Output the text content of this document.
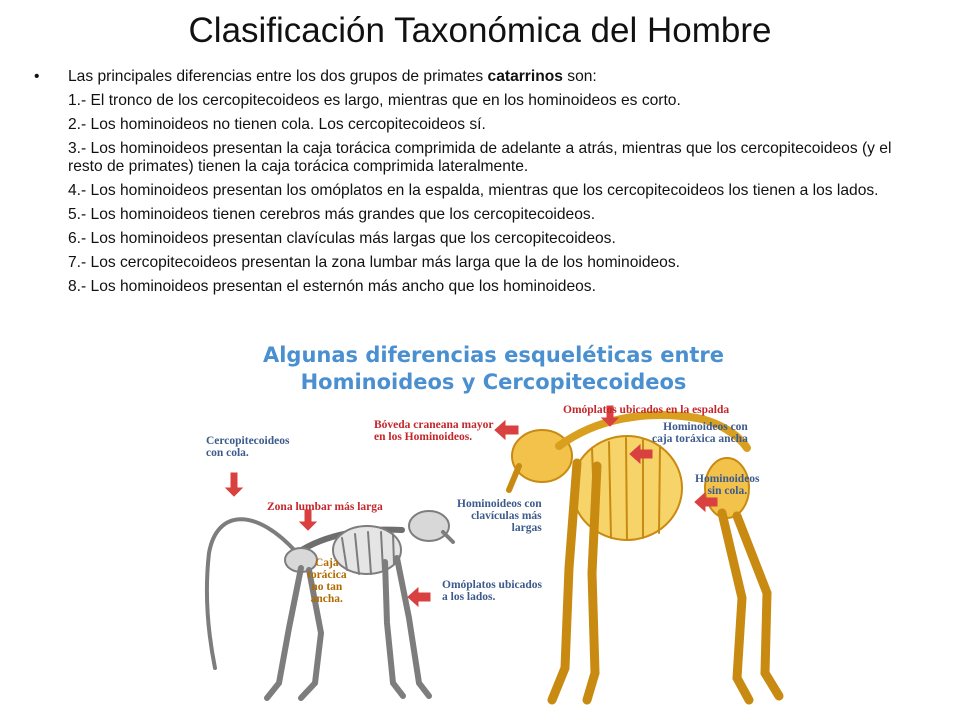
Clasificación Taxonómica del Hombre
• Las principales diferencias entre los dos grupos de primates catarrinos son:
1.- El tronco de los cercopitecoideos es largo, mientras que en los hominoideos es corto.
2.- Los hominoideos no tienen cola. Los cercopitecoideos sí.
3.- Los hominoideos presentan la caja torácica comprimida de adelante a atrás, mientras que los cercopitecoideos (y el resto de primates) tienen la caja torácica comprimida lateralmente.
4.- Los hominoideos presentan los omóplatos en la espalda, mientras que los cercopitecoideos los tienen a los lados.
5.- Los hominoideos tienen cerebros más grandes que los cercopitecoideos.
6.- Los hominoideos presentan clavículas más largas que los cercopitecoideos.
7.- Los cercopitecoideos presentan la zona lumbar más larga que la de los hominoideos.
8.- Los hominoideos presentan el esternón más ancho que los hominoideos.
Algunas diferencias esqueléticas entre
Hominoideos y Cercopitecoideos
Cercopitecoideos
con cola.
Zona lumbar más larga
Caja
torácica
no tan
ancha.
Omóplatos ubicados
a los lados.
Bóveda craneana mayor
en los Hominoideos.
Omóplatos ubicados en la espalda
Hominoideos con
caja toráxica ancha
Hominoideos con
clavículas más
largas
Hominoideos
sin cola.
